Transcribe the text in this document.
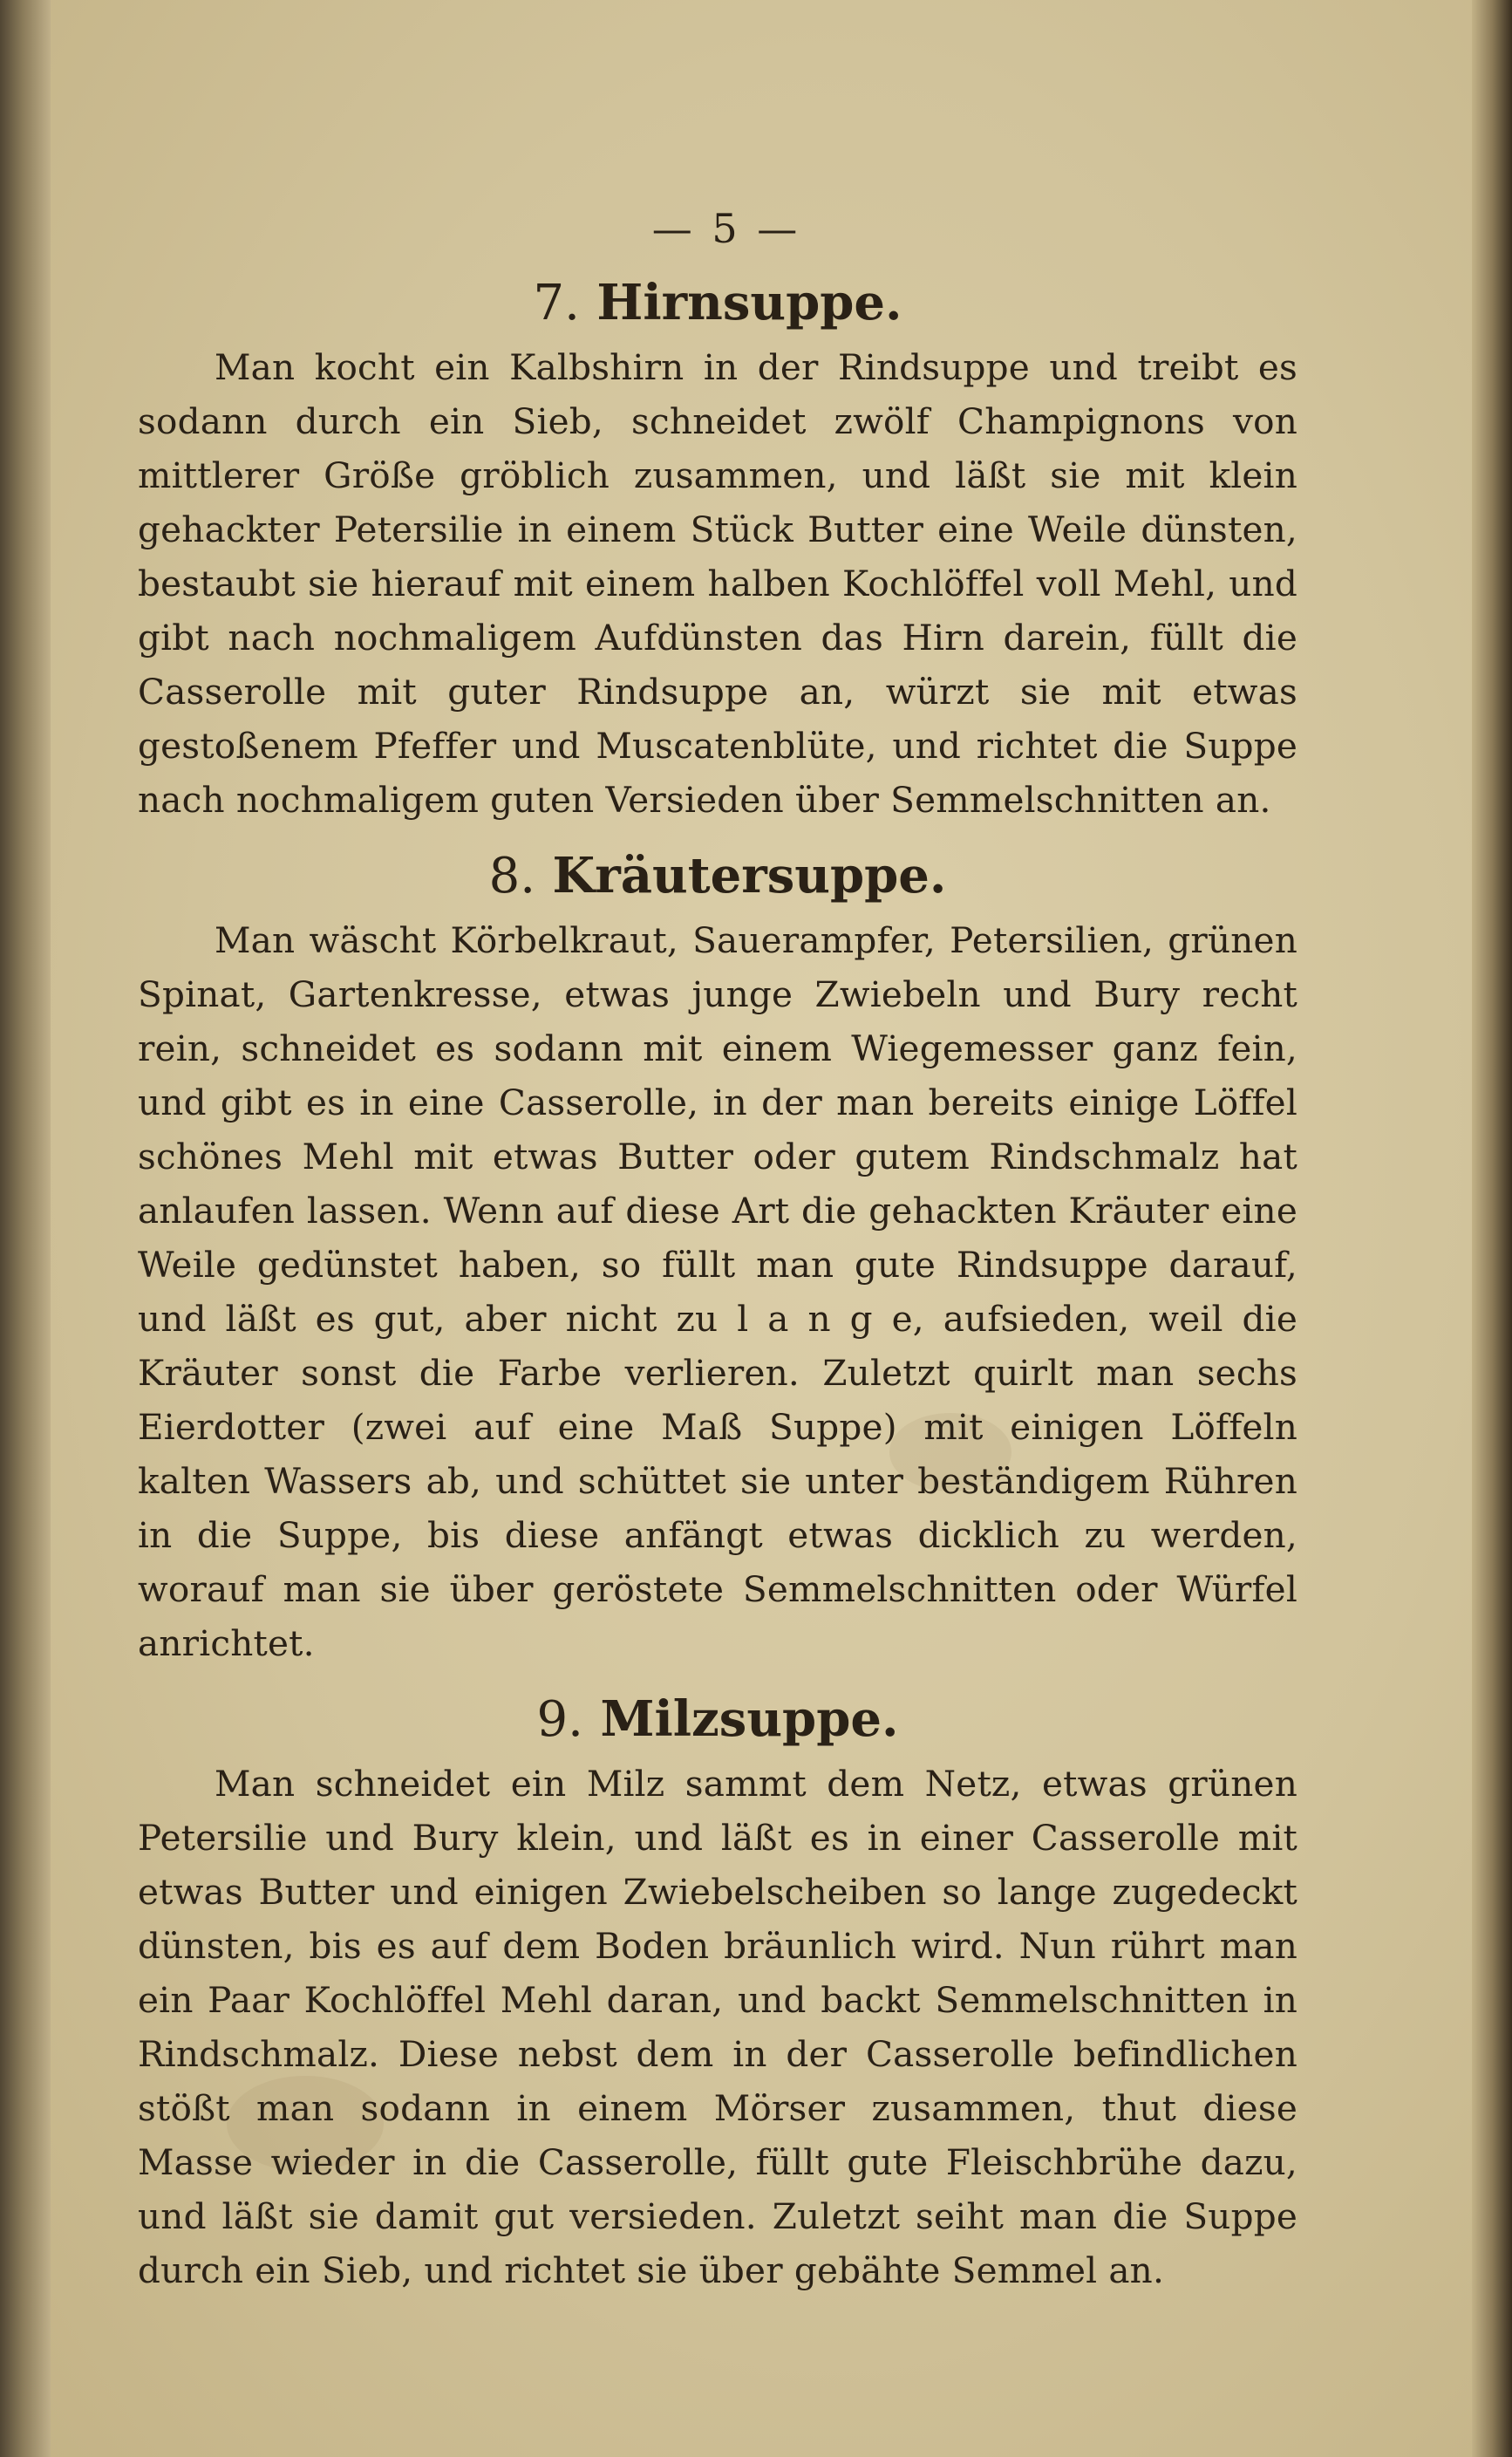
— 5 —
7. Hirnsuppe.

Man kocht ein Kalbshirn in der Rindsuppe und treibt es sodann durch ein Sieb, schneidet zwölf Champignons von mittlerer Größe gröblich zusammen, und läßt sie mit klein gehackter Petersilie in einem Stück Butter eine Weile dünsten, bestaubt sie hierauf mit einem halben Kochlöffel voll Mehl, und gibt nach nochmaligem Aufdünsten das Hirn darein, füllt die Casserolle mit guter Rindsuppe an, würzt sie mit etwas gestoßenem Pfeffer und Muscatenblüte, und richtet die Suppe nach nochmaligem guten Versieden über Semmelschnitten an.

8. Kräutersuppe.

Man wäscht Körbelkraut, Sauerampfer, Petersilien, grünen Spinat, Gartenkresse, etwas junge Zwiebeln und Bury recht rein, schneidet es sodann mit einem Wiegemesser ganz fein, und gibt es in eine Casserolle, in der man bereits einige Löffel schönes Mehl mit etwas Butter oder gutem Rindschmalz hat anlaufen lassen. Wenn auf diese Art die gehackten Kräuter eine Weile gedünstet haben, so füllt man gute Rindsuppe darauf, und läßt es gut, aber nicht zu l a n g e, aufsieden, weil die Kräuter sonst die Farbe verlieren. Zuletzt quirlt man sechs Eierdotter (zwei auf eine Maß Suppe) mit einigen Löffeln kalten Wassers ab, und schüttet sie unter beständigem Rühren in die Suppe, bis diese anfängt etwas dicklich zu werden, worauf man sie über geröstete Semmelschnitten oder Würfel anrichtet.

9. Milzsuppe.

Man schneidet ein Milz sammt dem Netz, etwas grünen Petersilie und Bury klein, und läßt es in einer Casserolle mit etwas Butter und einigen Zwiebelscheiben so lange zugedeckt dünsten, bis es auf dem Boden bräunlich wird. Nun rührt man ein Paar Kochlöffel Mehl daran, und backt Semmelschnitten in Rindschmalz. Diese nebst dem in der Casserolle befindlichen stößt man sodann in einem Mörser zusammen, thut diese Masse wieder in die Casserolle, füllt gute Fleischbrühe dazu, und läßt sie damit gut versieden. Zuletzt seiht man die Suppe durch ein Sieb, und richtet sie über gebähte Semmel an.
